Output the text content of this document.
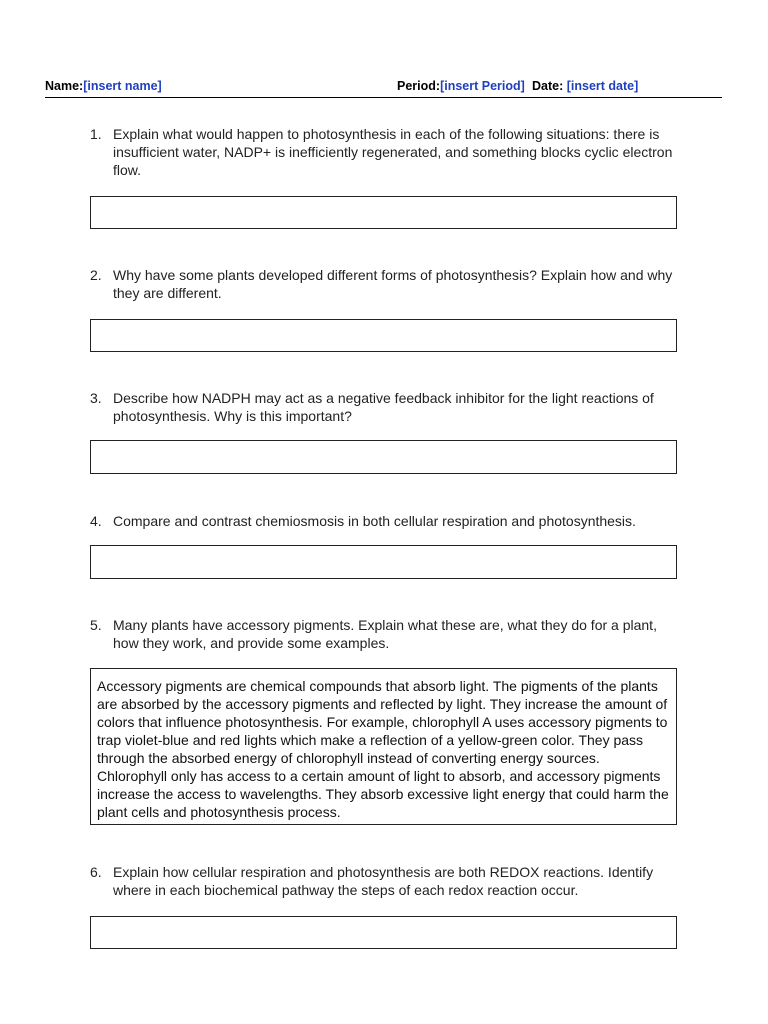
Name:[insert name]	Period:[insert Period] Date: [insert date]
1. Explain what would happen to photosynthesis in each of the following situations: there is insufficient water, NADP+ is inefficiently regenerated, and something blocks cyclic electron flow.
2. Why have some plants developed different forms of photosynthesis? Explain how and why they are different.
3. Describe how NADPH may act as a negative feedback inhibitor for the light reactions of photosynthesis. Why is this important?
4. Compare and contrast chemiosmosis in both cellular respiration and photosynthesis.
5. Many plants have accessory pigments. Explain what these are, what they do for a plant, how they work, and provide some examples.
Accessory pigments are chemical compounds that absorb light. The pigments of the plants are absorbed by the accessory pigments and reflected by light. They increase the amount of colors that influence photosynthesis. For example, chlorophyll A uses accessory pigments to trap violet-blue and red lights which make a reflection of a yellow-green color. They pass through the absorbed energy of chlorophyll instead of converting energy sources. Chlorophyll only has access to a certain amount of light to absorb, and accessory pigments increase the access to wavelengths. They absorb excessive light energy that could harm the plant cells and photosynthesis process.
6. Explain how cellular respiration and photosynthesis are both REDOX reactions. Identify where in each biochemical pathway the steps of each redox reaction occur.
